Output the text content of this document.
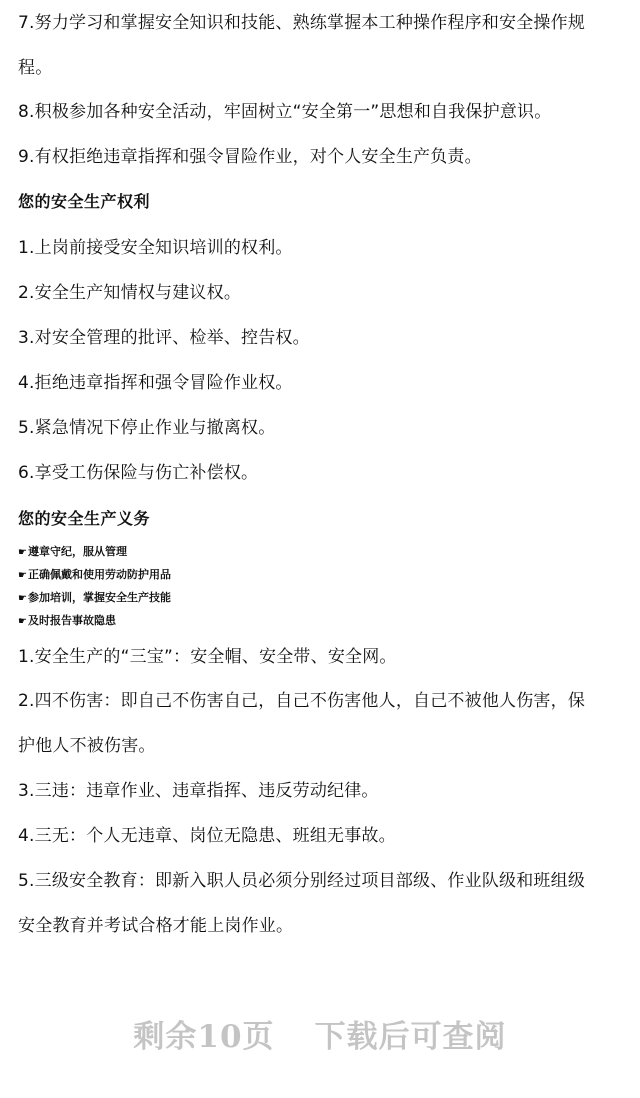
7.努力学习和掌握安全知识和技能、熟练掌握本工种操作程序和安全操作规
程。
8.积极参加各种安全活动，牢固树立“安全第一”思想和自我保护意识。
9.有权拒绝违章指挥和强令冒险作业，对个人安全生产负责。
您的安全生产权利
1.上岗前接受安全知识培训的权利。
2.安全生产知情权与建议权。
3.对安全管理的批评、检举、控告权。
4.拒绝违章指挥和强令冒险作业权。
5.紧急情况下停止作业与撤离权。
6.享受工伤保险与伤亡补偿权。
您的安全生产义务
☛遵章守纪，服从管理
☛正确佩戴和使用劳动防护用品
☛参加培训，掌握安全生产技能
☛及时报告事故隐患
1.安全生产的“三宝”：安全帽、安全带、安全网。
2.四不伤害：即自己不伤害自己，自己不伤害他人，自己不被他人伤害，保
护他人不被伤害。
3.三违：违章作业、违章指挥、违反劳动纪律。
4.三无：个人无违章、岗位无隐患、班组无事故。
5.三级安全教育：即新入职人员必须分别经过项目部级、作业队级和班组级
安全教育并考试合格才能上岗作业。
剩余10页 下载后可查阅
